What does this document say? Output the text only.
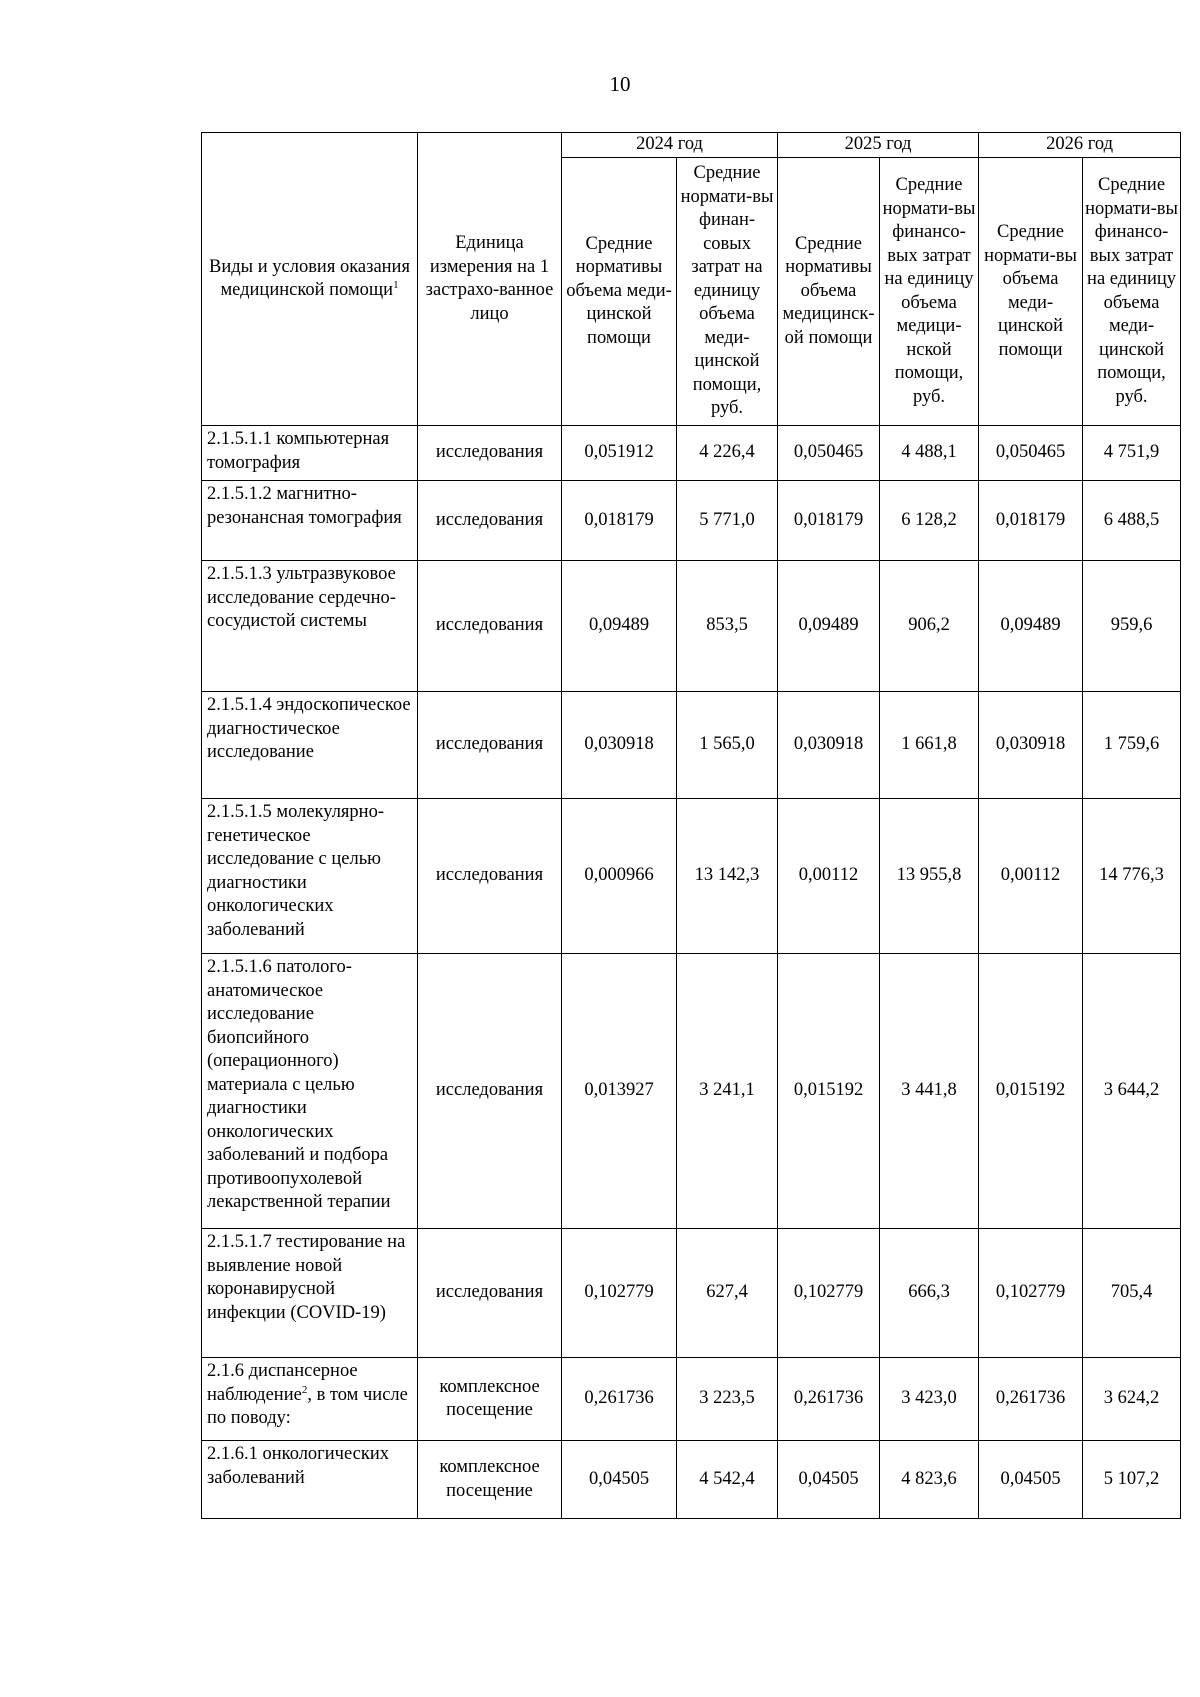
10
Виды и условия оказания медицинской помощи$^1$	Единица измерения на 1 застрахо-ванное лицо	2024 год		2025 год		2026 год	
		Средние нормативы объема меди-цинской помощи	Средние нормати-вы финан-совых затрат на единицу объема меди-цинской помощи, руб.	Средние нормативы объема медицинск-ой помощи	Средние нормати-вы финансо-вых затрат на единицу объема медици-нской помощи, руб.	Средние нормати-вы объема меди-цинской помощи	Средние нормати-вы финансо-вых затрат на единицу объема меди-цинской помощи, руб.
2.1.5.1.1 компьютерная томография	исследования	0,051912	4 226,4	0,050465	4 488,1	0,050465	4 751,9
2.1.5.1.2 магнитно-резонансная томография	исследования	0,018179	5 771,0	0,018179	6 128,2	0,018179	6 488,5
2.1.5.1.3 ультразвуковое исследование сердечно-сосудистой системы	исследования	0,09489	853,5	0,09489	906,2	0,09489	959,6
2.1.5.1.4 эндоскопическое диагностическое исследование	исследования	0,030918	1 565,0	0,030918	1 661,8	0,030918	1 759,6
2.1.5.1.5 молекулярно-генетическое исследование с целью диагностики онкологических заболеваний	исследования	0,000966	13 142,3	0,00112	13 955,8	0,00112	14 776,3
2.1.5.1.6 патолого-анатомическое исследование биопсийного (операционного) материала с целью диагностики онкологических заболеваний и подбора противоопухолевой лекарственной терапии	исследования	0,013927	3 241,1	0,015192	3 441,8	0,015192	3 644,2
2.1.5.1.7 тестирование на выявление новой коронавирусной инфекции (COVID-19)	исследования	0,102779	627,4	0,102779	666,3	0,102779	705,4
2.1.6 диспансерное наблюдение$^2$, в том числе по поводу:	комплексное посещение	0,261736	3 223,5	0,261736	3 423,0	0,261736	3 624,2
2.1.6.1 онкологических заболеваний	комплексное посещение	0,04505	4 542,4	0,04505	4 823,6	0,04505	5 107,2
